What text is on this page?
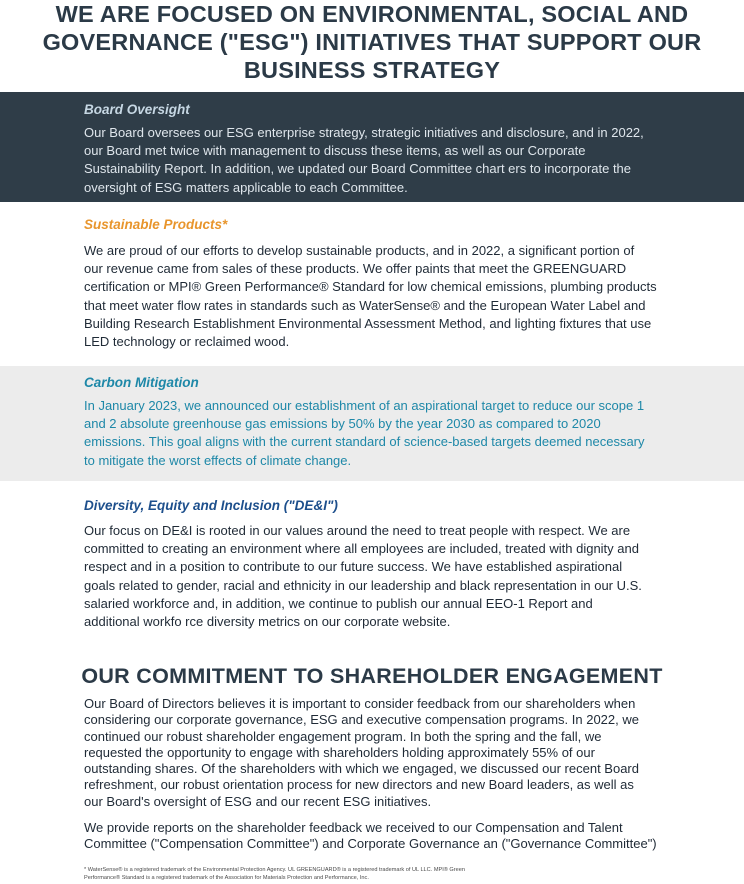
WE ARE FOCUSED ON ENVIRONMENTAL, SOCIAL AND
GOVERNANCE ("ESG") INITIATIVES THAT SUPPORT OUR
BUSINESS STRATEGY
Board Oversight
Our Board oversees our ESG enterprise strategy, strategic initiatives and disclosure, and in 2022,
our Board met twice with management to discuss these items, as well as our Corporate
Sustainability Report. In addition, we updated our Board Committee chart ers to incorporate the
oversight of ESG matters applicable to each Committee.
Sustainable Products*
We are proud of our efforts to develop sustainable products, and in 2022, a significant portion of
our revenue came from sales of these products. We offer paints that meet the GREENGUARD
certification or MPI® Green Performance® Standard for low chemical emissions, plumbing products
that meet water flow rates in standards such as WaterSense® and the European Water Label and
Building Research Establishment Environmental Assessment Method, and lighting fixtures that use
LED technology or reclaimed wood.
Carbon Mitigation
In January 2023, we announced our establishment of an aspirational target to reduce our scope 1
and 2 absolute greenhouse gas emissions by 50% by the year 2030 as compared to 2020
emissions. This goal aligns with the current standard of science-based targets deemed necessary
to mitigate the worst effects of climate change.
Diversity, Equity and Inclusion ("DE&I")
Our focus on DE&I is rooted in our values around the need to treat people with respect. We are
committed to creating an environment where all employees are included, treated with dignity and
respect and in a position to contribute to our future success. We have established aspirational
goals related to gender, racial and ethnicity in our leadership and black representation in our U.S.
salaried workforce and, in addition, we continue to publish our annual EEO-1 Report and
additional workfo rce diversity metrics on our corporate website.
OUR COMMITMENT TO SHAREHOLDER ENGAGEMENT
Our Board of Directors believes it is important to consider feedback from our shareholders when
considering our corporate governance, ESG and executive compensation programs. In 2022, we
continued our robust shareholder engagement program. In both the spring and the fall, we
requested the opportunity to engage with shareholders holding approximately 55% of our
outstanding shares. Of the shareholders with which we engaged, we discussed our recent Board
refreshment, our robust orientation process for new directors and new Board leaders, as well as
our Board's oversight of ESG and our recent ESG initiatives.
We provide reports on the shareholder feedback we received to our Compensation and Talent
Committee ("Compensation Committee") and Corporate Governance an ("Governance Committee")
* WaterSense® is a registered trademark of the Environmental Protection Agency. UL GREENGUARD® is a registered trademark of UL LLC. MPI® Green
Performance® Standard is a registered trademark of the Association for Materials Protection and Performance, Inc.
